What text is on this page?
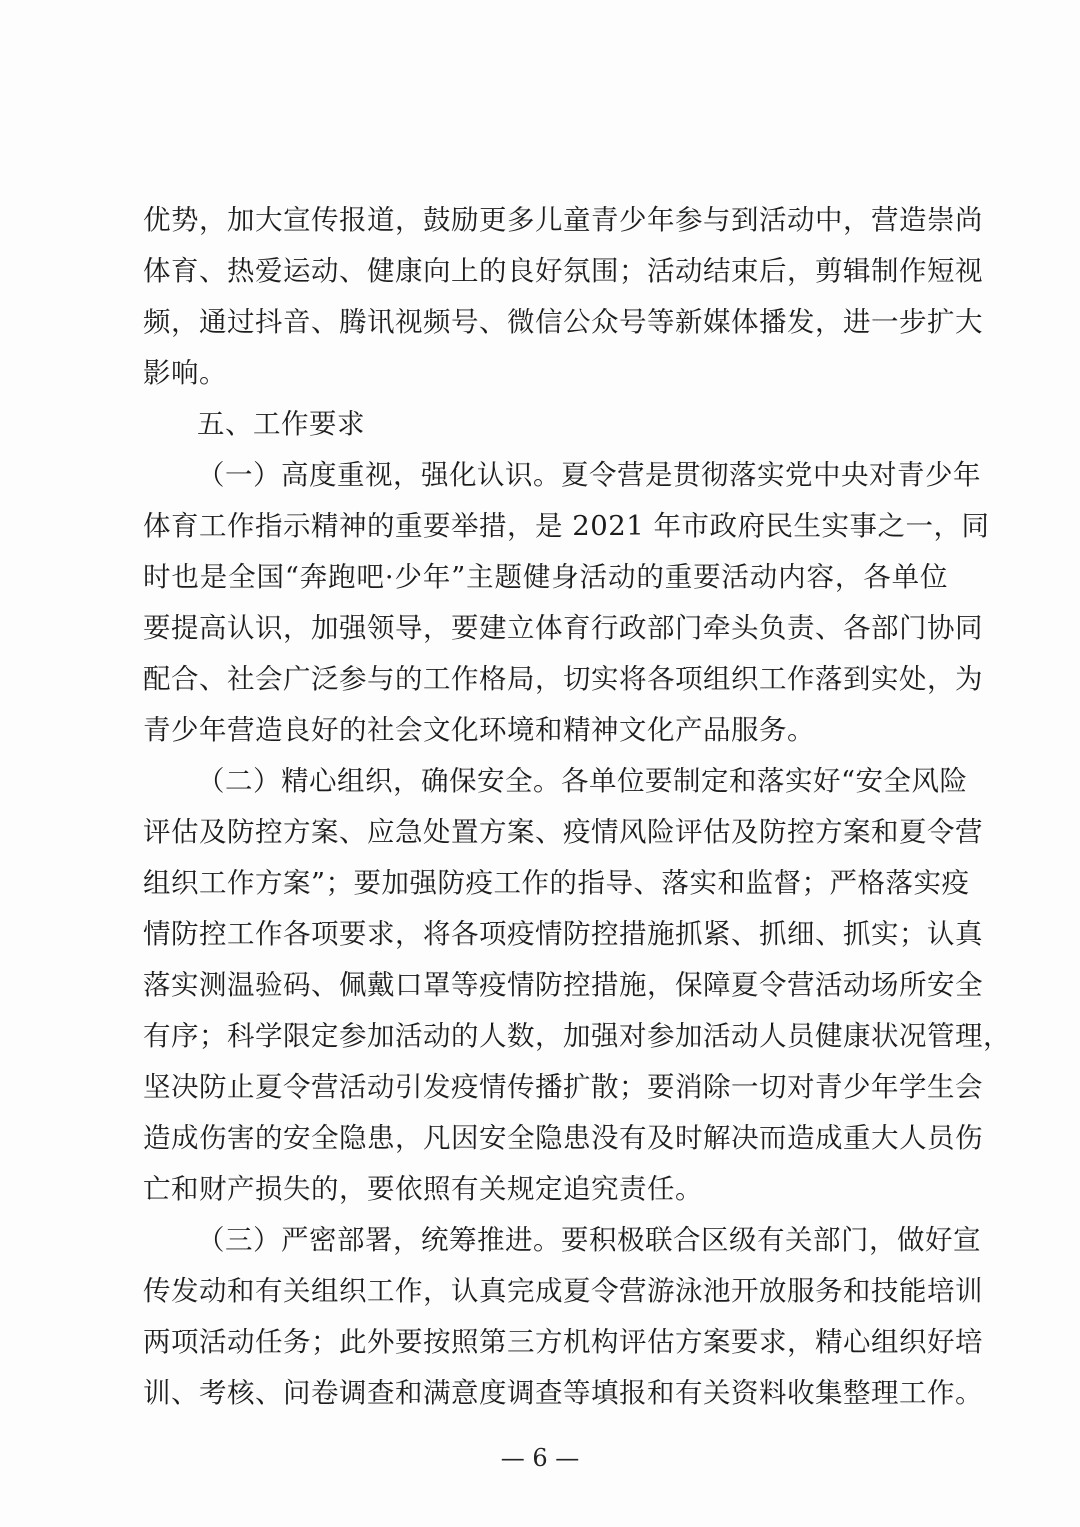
优势，加大宣传报道，鼓励更多儿童青少年参与到活动中，营造崇尚
体育、热爱运动、健康向上的良好氛围；活动结束后，剪辑制作短视
频，通过抖音、腾讯视频号、微信公众号等新媒体播发，进一步扩大
影响。
五、工作要求
（一）高度重视，强化认识。夏令营是贯彻落实党中央对青少年
体育工作指示精神的重要举措，是 2021 年市政府民生实事之一，同
时也是全国“奔跑吧·少年”主题健身活动的重要活动内容，各单位
要提高认识，加强领导，要建立体育行政部门牵头负责、各部门协同
配合、社会广泛参与的工作格局，切实将各项组织工作落到实处，为
青少年营造良好的社会文化环境和精神文化产品服务。
（二）精心组织，确保安全。各单位要制定和落实好“安全风险
评估及防控方案、应急处置方案、疫情风险评估及防控方案和夏令营
组织工作方案”；要加强防疫工作的指导、落实和监督；严格落实疫
情防控工作各项要求，将各项疫情防控措施抓紧、抓细、抓实；认真
落实测温验码、佩戴口罩等疫情防控措施，保障夏令营活动场所安全
有序；科学限定参加活动的人数，加强对参加活动人员健康状况管理，
坚决防止夏令营活动引发疫情传播扩散；要消除一切对青少年学生会
造成伤害的安全隐患，凡因安全隐患没有及时解决而造成重大人员伤
亡和财产损失的，要依照有关规定追究责任。
（三）严密部署，统筹推进。要积极联合区级有关部门，做好宣
传发动和有关组织工作，认真完成夏令营游泳池开放服务和技能培训
两项活动任务；此外要按照第三方机构评估方案要求，精心组织好培
训、考核、问卷调查和满意度调查等填报和有关资料收集整理工作。
— 6 —
